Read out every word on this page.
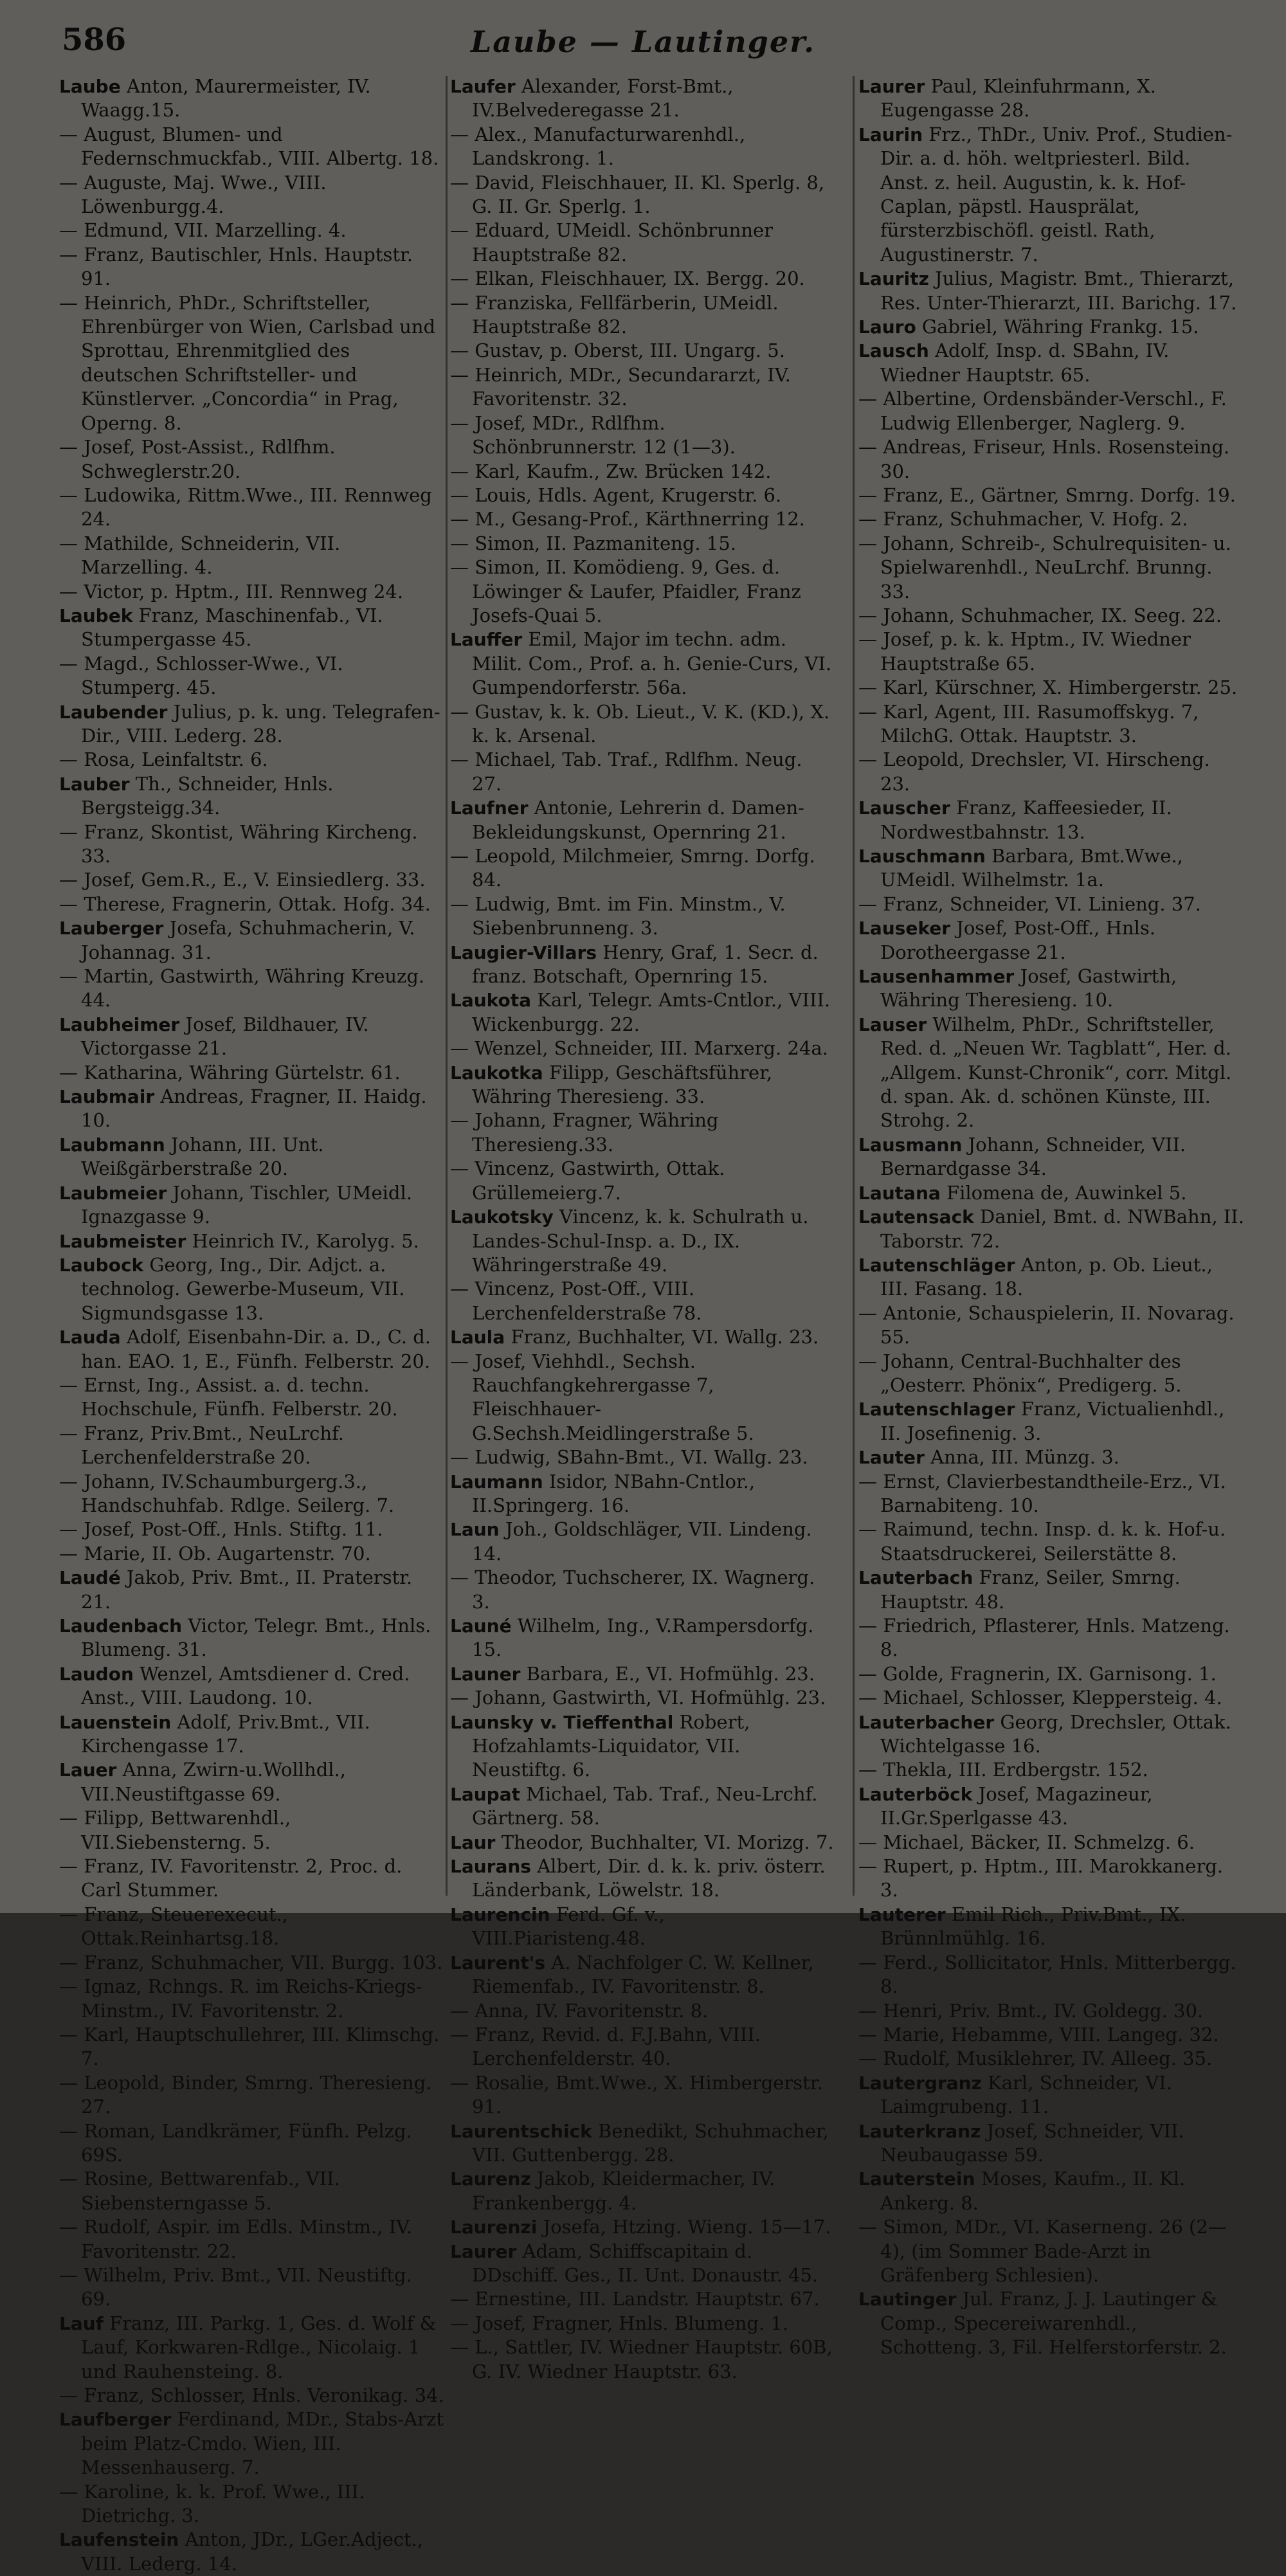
586	Laube — Lautinger.

Laube Anton, Maurermeister, IV. Waagg.15.

— August, Blumen- und Federnschmuckfab., VIII. Albertg. 18.

— Auguste, Maj. Wwe., VIII. Löwenburgg.4.

— Edmund, VII. Marzelling. 4.

— Franz, Bautischler, Hnls. Hauptstr. 91.

— Heinrich, PhDr., Schriftsteller, Ehrenbürger von Wien, Carlsbad und Sprottau, Ehrenmitglied des deutschen Schriftsteller- und Künstlerver. „Concordia“ in Prag, Operng. 8.

— Josef, Post-Assist., Rdlfhm. Schweglerstr.20.

— Ludowika, Rittm.Wwe., III. Rennweg 24.

— Mathilde, Schneiderin, VII. Marzelling. 4.

— Victor, p. Hptm., III. Rennweg 24.

Laubek Franz, Maschinenfab., VI. Stumpergasse 45.

— Magd., Schlosser-Wwe., VI. Stumperg. 45.

Laubender Julius, p. k. ung. Telegrafen-Dir., VIII. Lederg. 28.

— Rosa, Leinfaltstr. 6.

Lauber Th., Schneider, Hnls. Bergsteigg.34.

— Franz, Skontist, Währing Kircheng. 33.

— Josef, Gem.R., E., V. Einsiedlerg. 33.

— Therese, Fragnerin, Ottak. Hofg. 34.

Lauberger Josefa, Schuhmacherin, V. Johannag. 31.

— Martin, Gastwirth, Währing Kreuzg. 44.

Laubheimer Josef, Bildhauer, IV. Victorgasse 21.

— Katharina, Währing Gürtelstr. 61.

Laubmair Andreas, Fragner, II. Haidg. 10.

Laubmann Johann, III. Unt. Weißgärberstraße 20.

Laubmeier Johann, Tischler, UMeidl. Ignazgasse 9.

Laubmeister Heinrich IV., Karolyg. 5.

Laubock Georg, Ing., Dir. Adjct. a. technolog. Gewerbe-Museum, VII. Sigmundsgasse 13.

Lauda Adolf, Eisenbahn-Dir. a. D., C. d. han. EAO. 1, E., Fünfh. Felberstr. 20.

— Ernst, Ing., Assist. a. d. techn. Hochschule, Fünfh. Felberstr. 20.

— Franz, Priv.Bmt., NeuLrchf. Lerchenfelderstraße 20.

— Johann, IV.Schaumburgerg.3., Handschuhfab. Rdlge. Seilerg. 7.

— Josef, Post-Off., Hnls. Stiftg. 11.

— Marie, II. Ob. Augartenstr. 70.

Laudé Jakob, Priv. Bmt., II. Praterstr. 21.

Laudenbach Victor, Telegr. Bmt., Hnls. Blumeng. 31.

Laudon Wenzel, Amtsdiener d. Cred. Anst., VIII. Laudong. 10.

Lauenstein Adolf, Priv.Bmt., VII. Kirchengasse 17.

Lauer Anna, Zwirn-u.Wollhdl., VII.Neustiftgasse 69.

— Filipp, Bettwarenhdl., VII.Siebensterng. 5.

— Franz, IV. Favoritenstr. 2, Proc. d. Carl Stummer.

— Franz, Steuerexecut., Ottak.Reinhartsg.18.

— Franz, Schuhmacher, VII. Burgg. 103.

— Ignaz, Rchngs. R. im Reichs-Kriegs-Minstm., IV. Favoritenstr. 2.

— Karl, Hauptschullehrer, III. Klimschg. 7.

— Leopold, Binder, Smrng. Theresieng. 27.

— Roman, Landkrämer, Fünfh. Pelzg. 69S.

— Rosine, Bettwarenfab., VII. Siebensterngasse 5.

— Rudolf, Aspir. im Edls. Minstm., IV. Favoritenstr. 22.

— Wilhelm, Priv. Bmt., VII. Neustiftg. 69.

Lauf Franz, III. Parkg. 1, Ges. d. Wolf & Lauf, Korkwaren-Rdlge., Nicolaig. 1 und Rauhensteing. 8.

— Franz, Schlosser, Hnls. Veronikag. 34.

Laufberger Ferdinand, MDr., Stabs-Arzt beim Platz-Cmdo. Wien, III. Messenhauserg. 7.

— Karoline, k. k. Prof. Wwe., III. Dietrichg. 3.

Laufenstein Anton, JDr., LGer.Adject., VIII. Lederg. 14.

Laufer Alexander, Forst-Bmt., IV.Belvederegasse 21.

— Alex., Manufacturwarenhdl., Landskrong. 1.

— David, Fleischhauer, II. Kl. Sperlg. 8, G. II. Gr. Sperlg. 1.

— Eduard, UMeidl. Schönbrunner Hauptstraße 82.

— Elkan, Fleischhauer, IX. Bergg. 20.

— Franziska, Fellfärberin, UMeidl. Hauptstraße 82.

— Gustav, p. Oberst, III. Ungarg. 5.

— Heinrich, MDr., Secundararzt, IV. Favoritenstr. 32.

— Josef, MDr., Rdlfhm. Schönbrunnerstr. 12 (1—3).

— Karl, Kaufm., Zw. Brücken 142.

— Louis, Hdls. Agent, Krugerstr. 6.

— M., Gesang-Prof., Kärthnerring 12.

— Simon, II. Pazmaniteng. 15.

— Simon, II. Komödieng. 9, Ges. d. Löwinger & Laufer, Pfaidler, Franz Josefs-Quai 5.

Lauffer Emil, Major im techn. adm. Milit. Com., Prof. a. h. Genie-Curs, VI. Gumpendorferstr. 56a.

— Gustav, k. k. Ob. Lieut., V. K. (KD.), X. k. k. Arsenal.

— Michael, Tab. Traf., Rdlfhm. Neug. 27.

Laufner Antonie, Lehrerin d. Damen-Bekleidungskunst, Opernring 21.

— Leopold, Milchmeier, Smrng. Dorfg. 84.

— Ludwig, Bmt. im Fin. Minstm., V. Siebenbrunneng. 3.

Laugier-Villars Henry, Graf, 1. Secr. d. franz. Botschaft, Opernring 15.

Laukota Karl, Telegr. Amts-Cntlor., VIII. Wickenburgg. 22.

— Wenzel, Schneider, III. Marxerg. 24a.

Laukotka Filipp, Geschäftsführer, Währing Theresieng. 33.

— Johann, Fragner, Währing Theresieng.33.

— Vincenz, Gastwirth, Ottak. Grüllemeierg.7.

Laukotsky Vincenz, k. k. Schulrath u. Landes-Schul-Insp. a. D., IX. Währingerstraße 49.

— Vincenz, Post-Off., VIII. Lerchenfelderstraße 78.

Laula Franz, Buchhalter, VI. Wallg. 23.

— Josef, Viehhdl., Sechsh. Rauchfangkehrergasse 7, Fleischhauer-G.Sechsh.Meidlingerstraße 5.

— Ludwig, SBahn-Bmt., VI. Wallg. 23.

Laumann Isidor, NBahn-Cntlor., II.Springerg. 16.

Laun Joh., Goldschläger, VII. Lindeng. 14.

— Theodor, Tuchscherer, IX. Wagnerg. 3.

Launé Wilhelm, Ing., V.Rampersdorfg. 15.

Launer Barbara, E., VI. Hofmühlg. 23.

— Johann, Gastwirth, VI. Hofmühlg. 23.

Launsky v. Tieffenthal Robert, Hofzahlamts-Liquidator, VII. Neustiftg. 6.

Laupat Michael, Tab. Traf., Neu-Lrchf. Gärtnerg. 58.

Laur Theodor, Buchhalter, VI. Morizg. 7.

Laurans Albert, Dir. d. k. k. priv. österr. Länderbank, Löwelstr. 18.

Laurencin Ferd. Gf. v., VIII.Piaristeng.48.

Laurent's A. Nachfolger C. W. Kellner, Riemenfab., IV. Favoritenstr. 8.

— Anna, IV. Favoritenstr. 8.

— Franz, Revid. d. F.J.Bahn, VIII. Lerchenfelderstr. 40.

— Rosalie, Bmt.Wwe., X. Himbergerstr. 91.

Laurentschick Benedikt, Schuhmacher, VII. Guttenbergg. 28.

Laurenz Jakob, Kleidermacher, IV. Frankenbergg. 4.

Laurenzi Josefa, Htzing. Wieng. 15—17.

Laurer Adam, Schiffscapitain d. DDschiff. Ges., II. Unt. Donaustr. 45.

— Ernestine, III. Landstr. Hauptstr. 67.

— Josef, Fragner, Hnls. Blumeng. 1.

— L., Sattler, IV. Wiedner Hauptstr. 60B, G. IV. Wiedner Hauptstr. 63.

Laurer Paul, Kleinfuhrmann, X. Eugengasse 28.

Laurin Frz., ThDr., Univ. Prof., Studien-Dir. a. d. höh. weltpriesterl. Bild. Anst. z. heil. Augustin, k. k. Hof-Caplan, päpstl. Hausprälat, fürsterzbischöfl. geistl. Rath, Augustinerstr. 7.

Lauritz Julius, Magistr. Bmt., Thierarzt, Res. Unter-Thierarzt, III. Barichg. 17.

Lauro Gabriel, Währing Frankg. 15.

Lausch Adolf, Insp. d. SBahn, IV. Wiedner Hauptstr. 65.

— Albertine, Ordensbänder-Verschl., F. Ludwig Ellenberger, Naglerg. 9.

— Andreas, Friseur, Hnls. Rosensteing. 30.

— Franz, E., Gärtner, Smrng. Dorfg. 19.

— Franz, Schuhmacher, V. Hofg. 2.

— Johann, Schreib-, Schulrequisiten- u. Spielwarenhdl., NeuLrchf. Brunng. 33.

— Johann, Schuhmacher, IX. Seeg. 22.

— Josef, p. k. k. Hptm., IV. Wiedner Hauptstraße 65.

— Karl, Kürschner, X. Himbergerstr. 25.

— Karl, Agent, III. Rasumoffskyg. 7, MilchG. Ottak. Hauptstr. 3.

— Leopold, Drechsler, VI. Hirscheng. 23.

Lauscher Franz, Kaffeesieder, II. Nordwestbahnstr. 13.

Lauschmann Barbara, Bmt.Wwe., UMeidl. Wilhelmstr. 1a.

— Franz, Schneider, VI. Linieng. 37.

Lauseker Josef, Post-Off., Hnls. Dorotheergasse 21.

Lausenhammer Josef, Gastwirth, Währing Theresieng. 10.

Lauser Wilhelm, PhDr., Schriftsteller, Red. d. „Neuen Wr. Tagblatt“, Her. d. „Allgem. Kunst-Chronik“, corr. Mitgl. d. span. Ak. d. schönen Künste, III. Strohg. 2.

Lausmann Johann, Schneider, VII. Bernardgasse 34.

Lautana Filomena de, Auwinkel 5.

Lautensack Daniel, Bmt. d. NWBahn, II. Taborstr. 72.

Lautenschläger Anton, p. Ob. Lieut., III. Fasang. 18.

— Antonie, Schauspielerin, II. Novarag. 55.

— Johann, Central-Buchhalter des „Oesterr. Phönix“, Predigerg. 5.

Lautenschlager Franz, Victualienhdl., II. Josefinenig. 3.

Lauter Anna, III. Münzg. 3.

— Ernst, Clavierbestandtheile-Erz., VI. Barnabiteng. 10.

— Raimund, techn. Insp. d. k. k. Hof-u. Staatsdruckerei, Seilerstätte 8.

Lauterbach Franz, Seiler, Smrng. Hauptstr. 48.

— Friedrich, Pflasterer, Hnls. Matzeng. 8.

— Golde, Fragnerin, IX. Garnisong. 1.

— Michael, Schlosser, Kleppersteig. 4.

Lauterbacher Georg, Drechsler, Ottak. Wichtelgasse 16.

— Thekla, III. Erdbergstr. 152.

Lauterböck Josef, Magazineur, II.Gr.Sperlgasse 43.

— Michael, Bäcker, II. Schmelzg. 6.

— Rupert, p. Hptm., III. Marokkanerg. 3.

Lauterer Emil Rich., Priv.Bmt., IX. Brünnlmühlg. 16.

— Ferd., Sollicitator, Hnls. Mitterbergg. 8.

— Henri, Priv. Bmt., IV. Goldegg. 30.

— Marie, Hebamme, VIII. Langeg. 32.

— Rudolf, Musiklehrer, IV. Alleeg. 35.

Lautergranz Karl, Schneider, VI. Laimgrubeng. 11.

Lauterkranz Josef, Schneider, VII. Neubaugasse 59.

Lauterstein Moses, Kaufm., II. Kl. Ankerg. 8.

— Simon, MDr., VI. Kaserneng. 26 (2—4), (im Sommer Bade-Arzt in Gräfenberg Schlesien).

Lautinger Jul. Franz, J. J. Lautinger & Comp., Specereiwarenhdl., Schotteng. 3, Fil. Helferstorferstr. 2.
